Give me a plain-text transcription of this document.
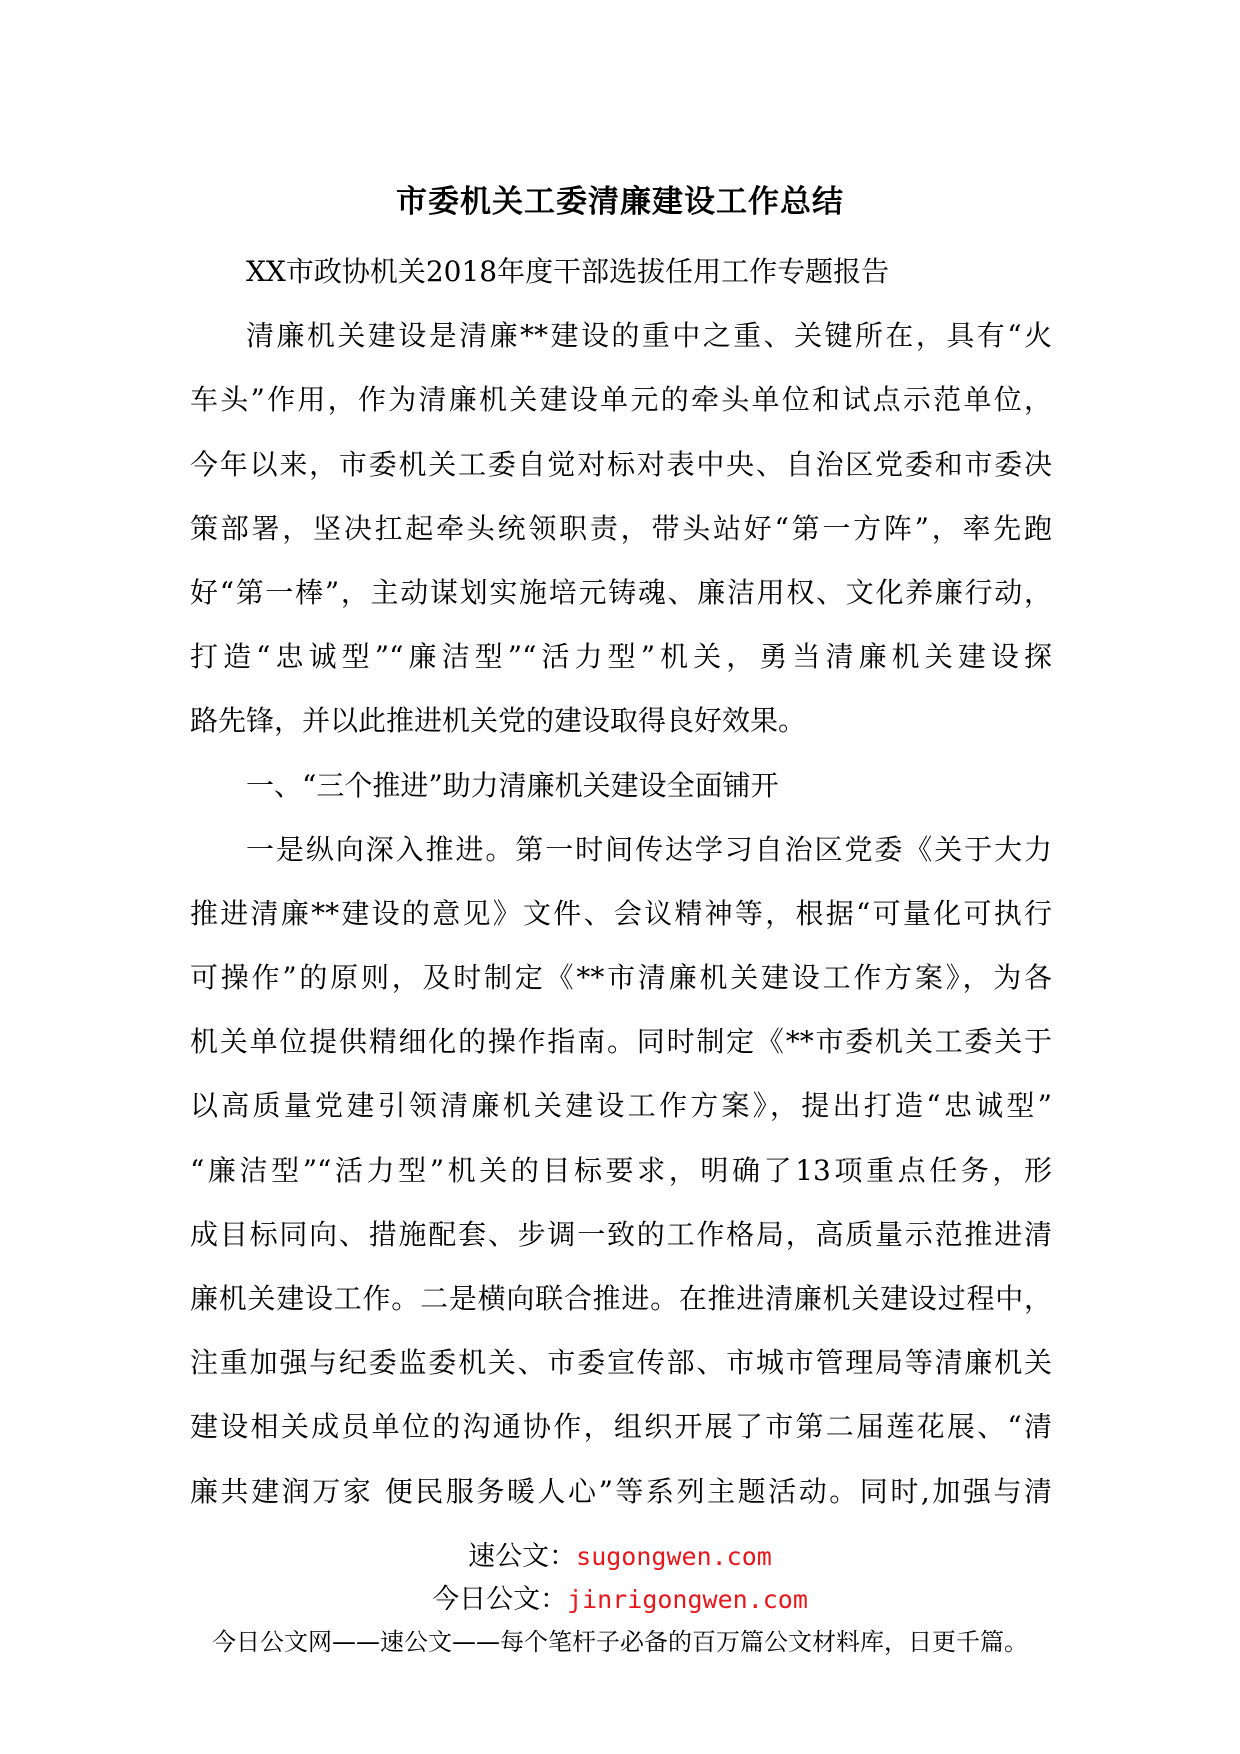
市委机关工委清廉建设工作总结
XX市政协机关2018年度干部选拔任用工作专题报告
清廉机关建设是清廉**建设的重中之重、关键所在，具有“火
车头”作用，作为清廉机关建设单元的牵头单位和试点示范单位，
今年以来，市委机关工委自觉对标对表中央、自治区党委和市委决
策部署，坚决扛起牵头统领职责，带头站好“第一方阵”，率先跑
好“第一棒”，主动谋划实施培元铸魂、廉洁用权、文化养廉行动，
打造“忠诚型”“廉洁型”“活力型”机关，勇当清廉机关建设探
路先锋，并以此推进机关党的建设取得良好效果。
一、“三个推进”助力清廉机关建设全面铺开
一是纵向深入推进。第一时间传达学习自治区党委《关于大力
推进清廉**建设的意见》文件、会议精神等，根据“可量化可执行
可操作”的原则，及时制定《**市清廉机关建设工作方案》，为各
机关单位提供精细化的操作指南。同时制定《**市委机关工委关于
以高质量党建引领清廉机关建设工作方案》，提出打造“忠诚型”
“廉洁型”“活力型”机关的目标要求，明确了13项重点任务，形
成目标同向、措施配套、步调一致的工作格局，高质量示范推进清
廉机关建设工作。二是横向联合推进。在推进清廉机关建设过程中，
注重加强与纪委监委机关、市委宣传部、市城市管理局等清廉机关
建设相关成员单位的沟通协作，组织开展了市第二届莲花展、“清
廉共建润万家 便民服务暖人心”等系列主题活动。同时,加强与清
速公文：sugongwen.com
今日公文：jinrigongwen.com
今日公文网——速公文——每个笔杆子必备的百万篇公文材料库，日更千篇。
